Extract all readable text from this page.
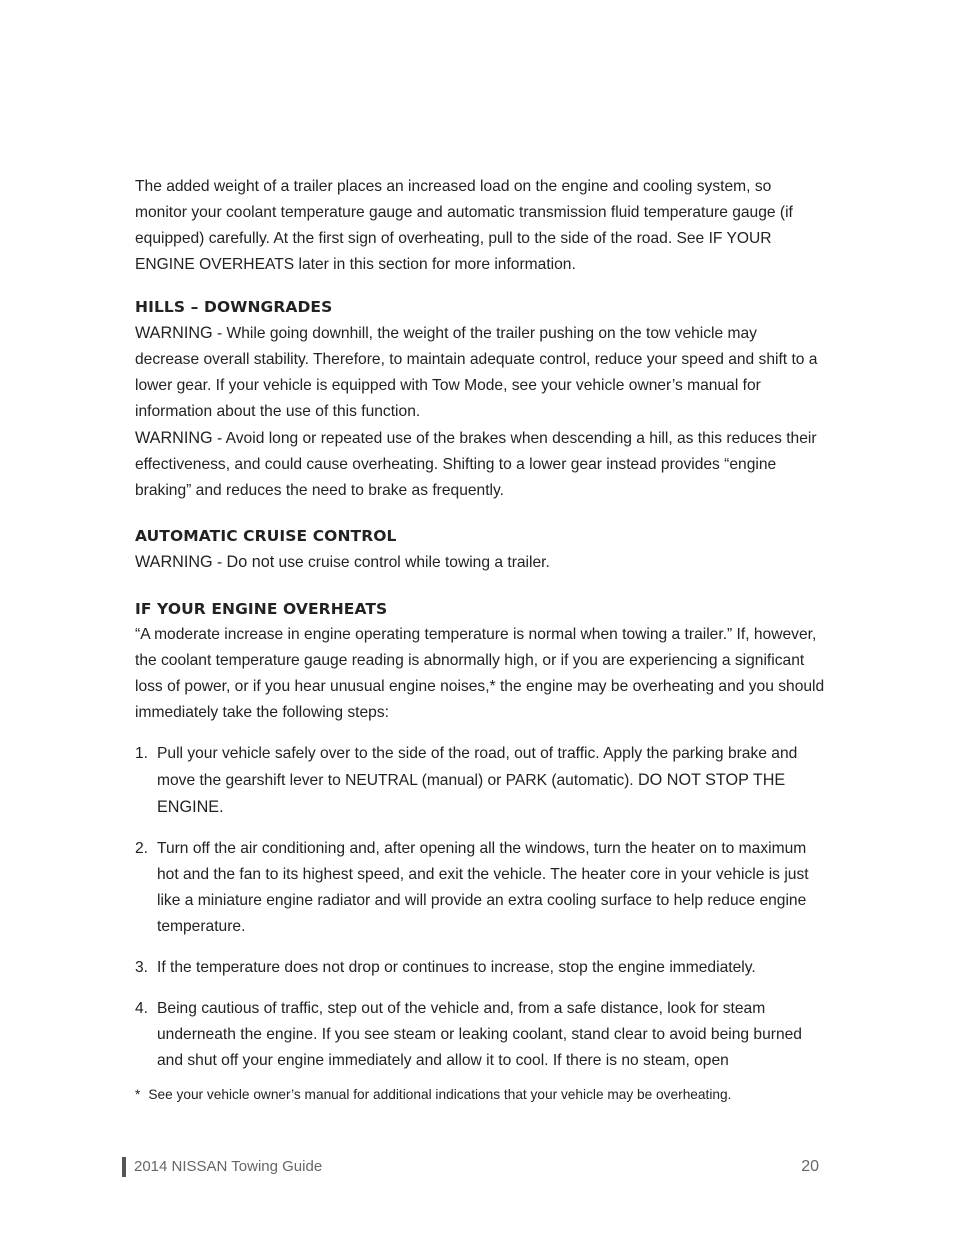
The added weight of a trailer places an increased load on the engine and cooling system, so monitor your coolant temperature gauge and automatic transmission fluid temperature gauge (if equipped) carefully. At the first sign of overheating, pull to the side of the road. See IF YOUR ENGINE OVERHEATS later in this section for more information.

HILLS – DOWNGRADES

WARNING - While going downhill, the weight of the trailer pushing on the tow vehicle may decrease overall stability. Therefore, to maintain adequate control, reduce your speed and shift to a lower gear. If your vehicle is equipped with Tow Mode, see your vehicle owner’s manual for information about the use of this function.

WARNING - Avoid long or repeated use of the brakes when descending a hill, as this reduces their effectiveness, and could cause overheating. Shifting to a lower gear instead provides “engine braking” and reduces the need to brake as frequently.

AUTOMATIC CRUISE CONTROL

WARNING - Do not use cruise control while towing a trailer.

IF YOUR ENGINE OVERHEATS

“A moderate increase in engine operating temperature is normal when towing a trailer.” If, however, the coolant temperature gauge reading is abnormally high, or if you are experiencing a significant loss of power, or if you hear unusual engine noises,* the engine may be overheating and you should immediately take the following steps:

1. Pull your vehicle safely over to the side of the road, out of traffic. Apply the parking brake and move the gearshift lever to NEUTRAL (manual) or PARK (automatic). DO NOT STOP THE ENGINE.
2. Turn off the air conditioning and, after opening all the windows, turn the heater on to maximum hot and the fan to its highest speed, and exit the vehicle. The heater core in your vehicle is just like a miniature engine radiator and will provide an extra cooling surface to help reduce engine temperature.
3. If the temperature does not drop or continues to increase, stop the engine immediately.
4. Being cautious of traffic, step out of the vehicle and, from a safe distance, look for steam underneath the engine. If you see steam or leaking coolant, stand clear to avoid being burned and shut off your engine immediately and allow it to cool. If there is no steam, open
* See your vehicle owner’s manual for additional indications that your vehicle may be overheating.
2014 NISSAN Towing Guide	20
